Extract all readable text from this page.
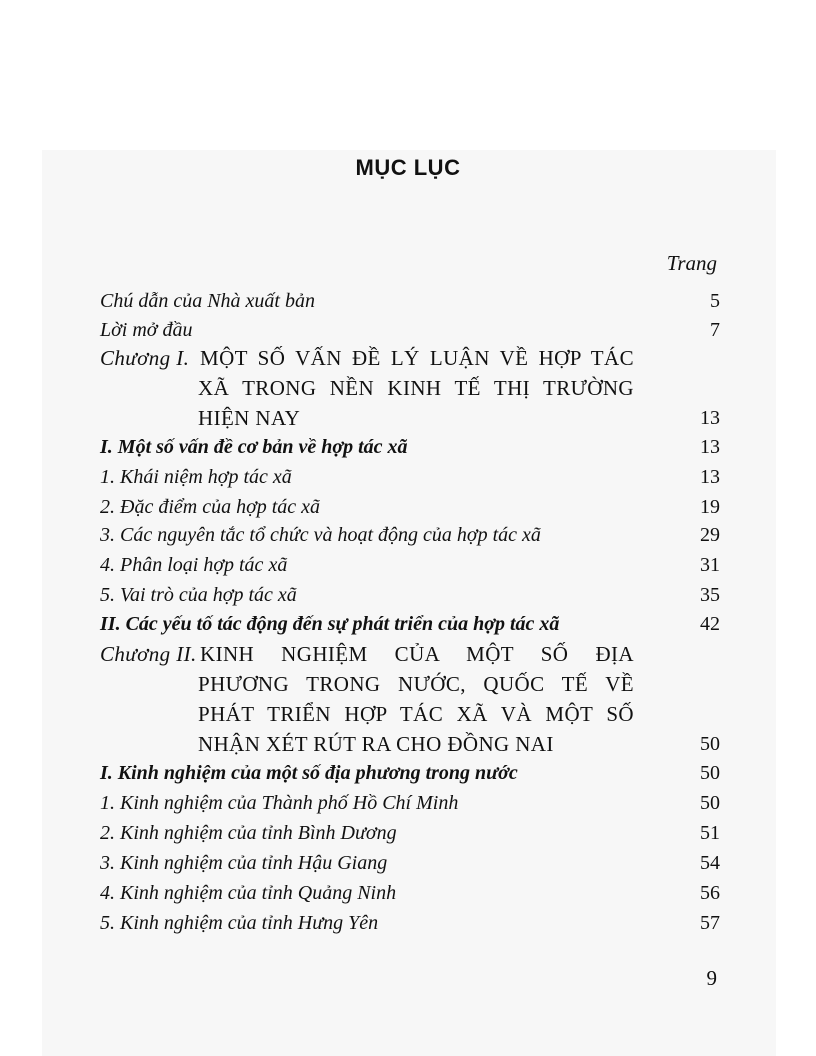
MỤC LỤC
Trang
Chú dẫn của Nhà xuất bản	5
Lời mở đầu	7
Chương I. MỘT SỐ VẤN ĐỀ LÝ LUẬN VỀ HỢP TÁC
XÃ TRONG NỀN KINH TẾ THỊ TRƯỜNG
HIỆN NAY	13
I. Một số vấn đề cơ bản về hợp tác xã	13
1. Khái niệm hợp tác xã	13
2. Đặc điểm của hợp tác xã	19
3. Các nguyên tắc tổ chức và hoạt động của hợp tác xã	29
4. Phân loại hợp tác xã	31
5. Vai trò của hợp tác xã	35
II. Các yếu tố tác động đến sự phát triển của hợp tác xã	42
Chương II. KINH NGHIỆM CỦA MỘT SỐ ĐỊA
PHƯƠNG TRONG NƯỚC, QUỐC TẾ VỀ
PHÁT TRIỂN HỢP TÁC XÃ VÀ MỘT SỐ
NHẬN XÉT RÚT RA CHO ĐỒNG NAI	50
I. Kinh nghiệm của một số địa phương trong nước	50
1. Kinh nghiệm của Thành phố Hồ Chí Minh	50
2. Kinh nghiệm của tỉnh Bình Dương	51
3. Kinh nghiệm của tỉnh Hậu Giang	54
4. Kinh nghiệm của tỉnh Quảng Ninh	56
5. Kinh nghiệm của tỉnh Hưng Yên	57
9
